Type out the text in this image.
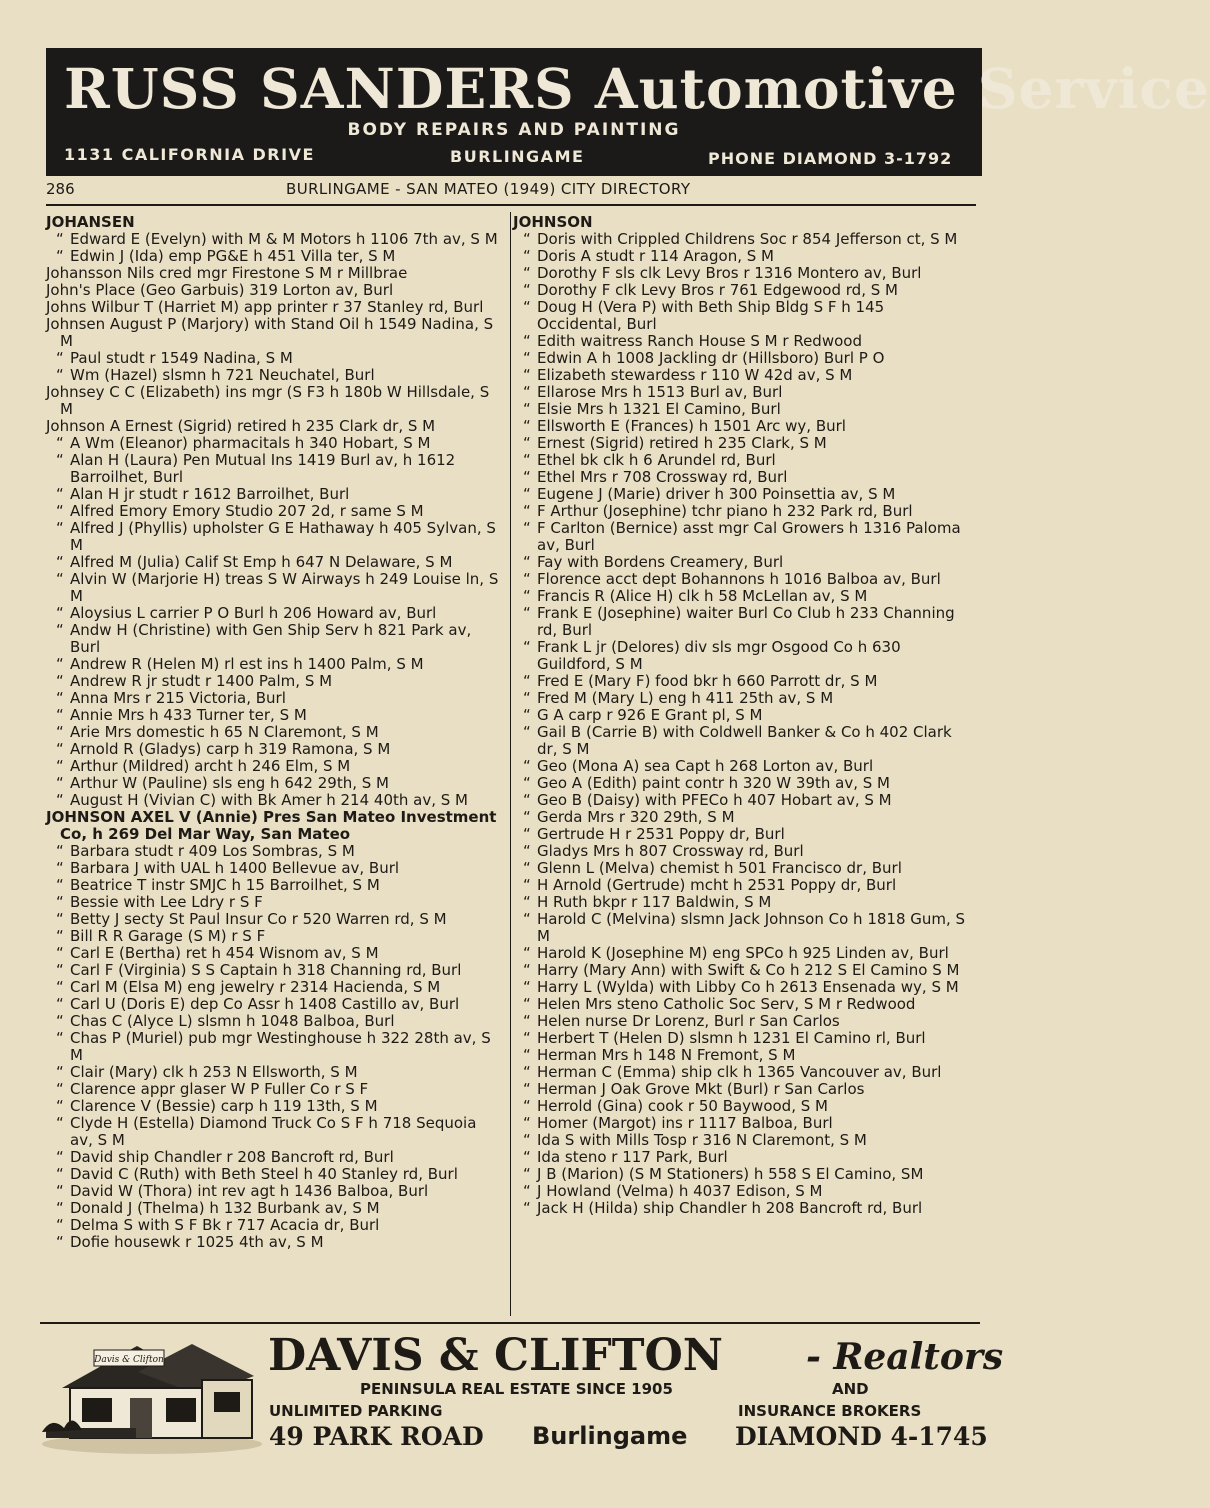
RUSS SANDERS Automotive Service
BODY REPAIRS AND PAINTING
1131 CALIFORNIA DRIVE	BURLINGAME	PHONE DIAMOND 3-1792
286	BURLINGAME - SAN MATEO (1949) CITY DIRECTORY
JOHANSEN
“ Edward E (Evelyn) with M & M Motors h 1106 7th av, S M
“ Edwin J (Ida) emp PG&E h 451 Villa ter, S M
Johansson Nils cred mgr Firestone S M r Millbrae
John's Place (Geo Garbuis) 319 Lorton av, Burl
Johns Wilbur T (Harriet M) app printer r 37 Stanley rd, Burl
Johnsen August P (Marjory) with Stand Oil h 1549 Nadina, S M
“ Paul studt r 1549 Nadina, S M
“ Wm (Hazel) slsmn h 721 Neuchatel, Burl
Johnsey C C (Elizabeth) ins mgr (S F3 h 180b W Hillsdale, S M
Johnson A Ernest (Sigrid) retired h 235 Clark dr, S M
“ A Wm (Eleanor) pharmacitals h 340 Hobart, S M
“ Alan H (Laura) Pen Mutual Ins 1419 Burl av, h 1612 Barroilhet, Burl
“ Alan H jr studt r 1612 Barroilhet, Burl
“ Alfred Emory Emory Studio 207 2d, r same S M
“ Alfred J (Phyllis) upholster G E Hathaway h 405 Sylvan, S M
“ Alfred M (Julia) Calif St Emp h 647 N Delaware, S M
“ Alvin W (Marjorie H) treas S W Airways h 249 Louise ln, S M
“ Aloysius L carrier P O Burl h 206 Howard av, Burl
“ Andw H (Christine) with Gen Ship Serv h 821 Park av, Burl
“ Andrew R (Helen M) rl est ins h 1400 Palm, S M
“ Andrew R jr studt r 1400 Palm, S M
“ Anna Mrs r 215 Victoria, Burl
“ Annie Mrs h 433 Turner ter, S M
“ Arie Mrs domestic h 65 N Claremont, S M
“ Arnold R (Gladys) carp h 319 Ramona, S M
“ Arthur (Mildred) archt h 246 Elm, S M
“ Arthur W (Pauline) sls eng h 642 29th, S M
“ August H (Vivian C) with Bk Amer h 214 40th av, S M
JOHNSON AXEL V (Annie) Pres San Mateo Investment Co, h 269 Del Mar Way, San Mateo
“ Barbara studt r 409 Los Sombras, S M
“ Barbara J with UAL h 1400 Bellevue av, Burl
“ Beatrice T instr SMJC h 15 Barroilhet, S M
“ Bessie with Lee Ldry r S F
“ Betty J secty St Paul Insur Co r 520 Warren rd, S M
“ Bill R R Garage (S M) r S F
“ Carl E (Bertha) ret h 454 Wisnom av, S M
“ Carl F (Virginia) S S Captain h 318 Channing rd, Burl
“ Carl M (Elsa M) eng jewelry r 2314 Hacienda, S M
“ Carl U (Doris E) dep Co Assr h 1408 Castillo av, Burl
“ Chas C (Alyce L) slsmn h 1048 Balboa, Burl
“ Chas P (Muriel) pub mgr Westinghouse h 322 28th av, S M
“ Clair (Mary) clk h 253 N Ellsworth, S M
“ Clarence appr glaser W P Fuller Co r S F
“ Clarence V (Bessie) carp h 119 13th, S M
“ Clyde H (Estella) Diamond Truck Co S F h 718 Sequoia av, S M
“ David ship Chandler r 208 Bancroft rd, Burl
“ David C (Ruth) with Beth Steel h 40 Stanley rd, Burl
“ David W (Thora) int rev agt h 1436 Balboa, Burl
“ Donald J (Thelma) h 132 Burbank av, S M
“ Delma S with S F Bk r 717 Acacia dr, Burl
“ Dofie housewk r 1025 4th av, S M
JOHNSON
“ Doris with Crippled Childrens Soc r 854 Jefferson ct, S M
“ Doris A studt r 114 Aragon, S M
“ Dorothy F sls clk Levy Bros r 1316 Montero av, Burl
“ Dorothy F clk Levy Bros r 761 Edgewood rd, S M
“ Doug H (Vera P) with Beth Ship Bldg S F h 145 Occidental, Burl
“ Edith waitress Ranch House S M r Redwood
“ Edwin A h 1008 Jackling dr (Hillsboro) Burl P O
“ Elizabeth stewardess r 110 W 42d av, S M
“ Ellarose Mrs h 1513 Burl av, Burl
“ Elsie Mrs h 1321 El Camino, Burl
“ Ellsworth E (Frances) h 1501 Arc wy, Burl
“ Ernest (Sigrid) retired h 235 Clark, S M
“ Ethel bk clk h 6 Arundel rd, Burl
“ Ethel Mrs r 708 Crossway rd, Burl
“ Eugene J (Marie) driver h 300 Poinsettia av, S M
“ F Arthur (Josephine) tchr piano h 232 Park rd, Burl
“ F Carlton (Bernice) asst mgr Cal Growers h 1316 Paloma av, Burl
“ Fay with Bordens Creamery, Burl
“ Florence acct dept Bohannons h 1016 Balboa av, Burl
“ Francis R (Alice H) clk h 58 McLellan av, S M
“ Frank E (Josephine) waiter Burl Co Club h 233 Channing rd, Burl
“ Frank L jr (Delores) div sls mgr Osgood Co h 630 Guildford, S M
“ Fred E (Mary F) food bkr h 660 Parrott dr, S M
“ Fred M (Mary L) eng h 411 25th av, S M
“ G A carp r 926 E Grant pl, S M
“ Gail B (Carrie B) with Coldwell Banker & Co h 402 Clark dr, S M
“ Geo (Mona A) sea Capt h 268 Lorton av, Burl
“ Geo A (Edith) paint contr h 320 W 39th av, S M
“ Geo B (Daisy) with PFECo h 407 Hobart av, S M
“ Gerda Mrs r 320 29th, S M
“ Gertrude H r 2531 Poppy dr, Burl
“ Gladys Mrs h 807 Crossway rd, Burl
“ Glenn L (Melva) chemist h 501 Francisco dr, Burl
“ H Arnold (Gertrude) mcht h 2531 Poppy dr, Burl
“ H Ruth bkpr r 117 Baldwin, S M
“ Harold C (Melvina) slsmn Jack Johnson Co h 1818 Gum, S M
“ Harold K (Josephine M) eng SPCo h 925 Linden av, Burl
“ Harry (Mary Ann) with Swift & Co h 212 S El Camino S M
“ Harry L (Wylda) with Libby Co h 2613 Ensenada wy, S M
“ Helen Mrs steno Catholic Soc Serv, S M r Redwood
“ Helen nurse Dr Lorenz, Burl r San Carlos
“ Herbert T (Helen D) slsmn h 1231 El Camino rl, Burl
“ Herman Mrs h 148 N Fremont, S M
“ Herman C (Emma) ship clk h 1365 Vancouver av, Burl
“ Herman J Oak Grove Mkt (Burl) r San Carlos
“ Herrold (Gina) cook r 50 Baywood, S M
“ Homer (Margot) ins r 1117 Balboa, Burl
“ Ida S with Mills Tosp r 316 N Claremont, S M
“ Ida steno r 117 Park, Burl
“ J B (Marion) (S M Stationers) h 558 S El Camino, SM
“ J Howland (Velma) h 4037 Edison, S M
“ Jack H (Hilda) ship Chandler h 208 Bancroft rd, Burl
Davis & Clifton DAVIS & CLIFTON - Realtors
PENINSULA REAL ESTATE SINCE 1905	AND
UNLIMITED PARKING	INSURANCE BROKERS
49 PARK ROAD Burlingame DIAMOND 4-1745
